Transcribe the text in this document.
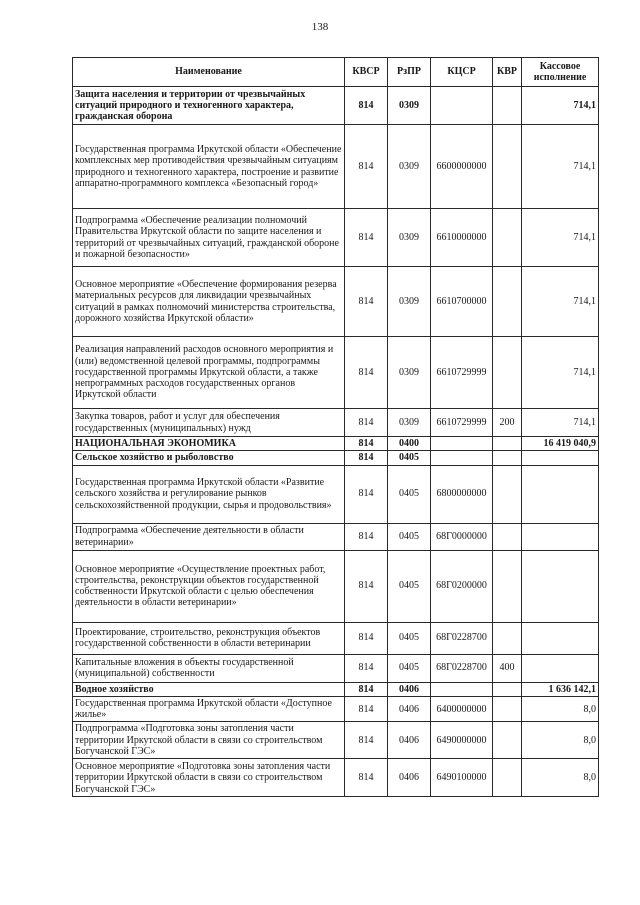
138
Наименование	КВСР	РзПР	КЦСР	КВР	Кассовое исполнение
Защита населения и территории от чрезвычайных ситуаций природного и техногенного характера, гражданская оборона	814	0309			714,1
Государственная программа Иркутской области «Обеспечение комплексных мер противодействия чрезвычайным ситуациям природного и техногенного характера, построение и развитие аппаратно-программного комплекса «Безопасный город»	814	0309	6600000000		714,1
Подпрограмма «Обеспечение реализации полномочий Правительства Иркутской области по защите населения и территорий от чрезвычайных ситуаций, гражданской обороне и пожарной безопасности»	814	0309	6610000000		714,1
Основное мероприятие «Обеспечение формирования резерва материальных ресурсов для ликвидации чрезвычайных ситуаций в рамках полномочий министерства строительства, дорожного хозяйства Иркутской области»	814	0309	6610700000		714,1
Реализация направлений расходов основного мероприятия и (или) ведомственной целевой программы, подпрограммы государственной программы Иркутской области, а также непрограммных расходов государственных органов Иркутской области	814	0309	6610729999		714,1
Закупка товаров, работ и услуг для обеспечения государственных (муниципальных) нужд	814	0309	6610729999	200	714,1
НАЦИОНАЛЬНАЯ ЭКОНОМИКА	814	0400			16 419 040,9
Сельское хозяйство и рыболовство	814	0405			
Государственная программа Иркутской области «Развитие сельского хозяйства и регулирование рынков сельскохозяйственной продукции, сырья и продовольствия»	814	0405	6800000000		
Подпрограмма «Обеспечение деятельности в области ветеринарии»	814	0405	68Г0000000		
Основное мероприятие «Осуществление проектных работ, строительства, реконструкции объектов государственной собственности Иркутской области с целью обеспечения деятельности в области ветеринарии»	814	0405	68Г0200000		
Проектирование, строительство, реконструкция объектов государственной собственности в области ветеринарии	814	0405	68Г0228700		
Капитальные вложения в объекты государственной (муниципальной) собственности	814	0405	68Г0228700	400	
Водное хозяйство	814	0406			1 636 142,1
Государственная программа Иркутской области «Доступное жилье»	814	0406	6400000000		8,0
Подпрограмма «Подготовка зоны затопления части территории Иркутской области в связи со строительством Богучанской ГЭС»	814	0406	6490000000		8,0
Основное мероприятие «Подготовка зоны затопления части территории Иркутской области в связи со строительством Богучанской ГЭС»	814	0406	6490100000		8,0
